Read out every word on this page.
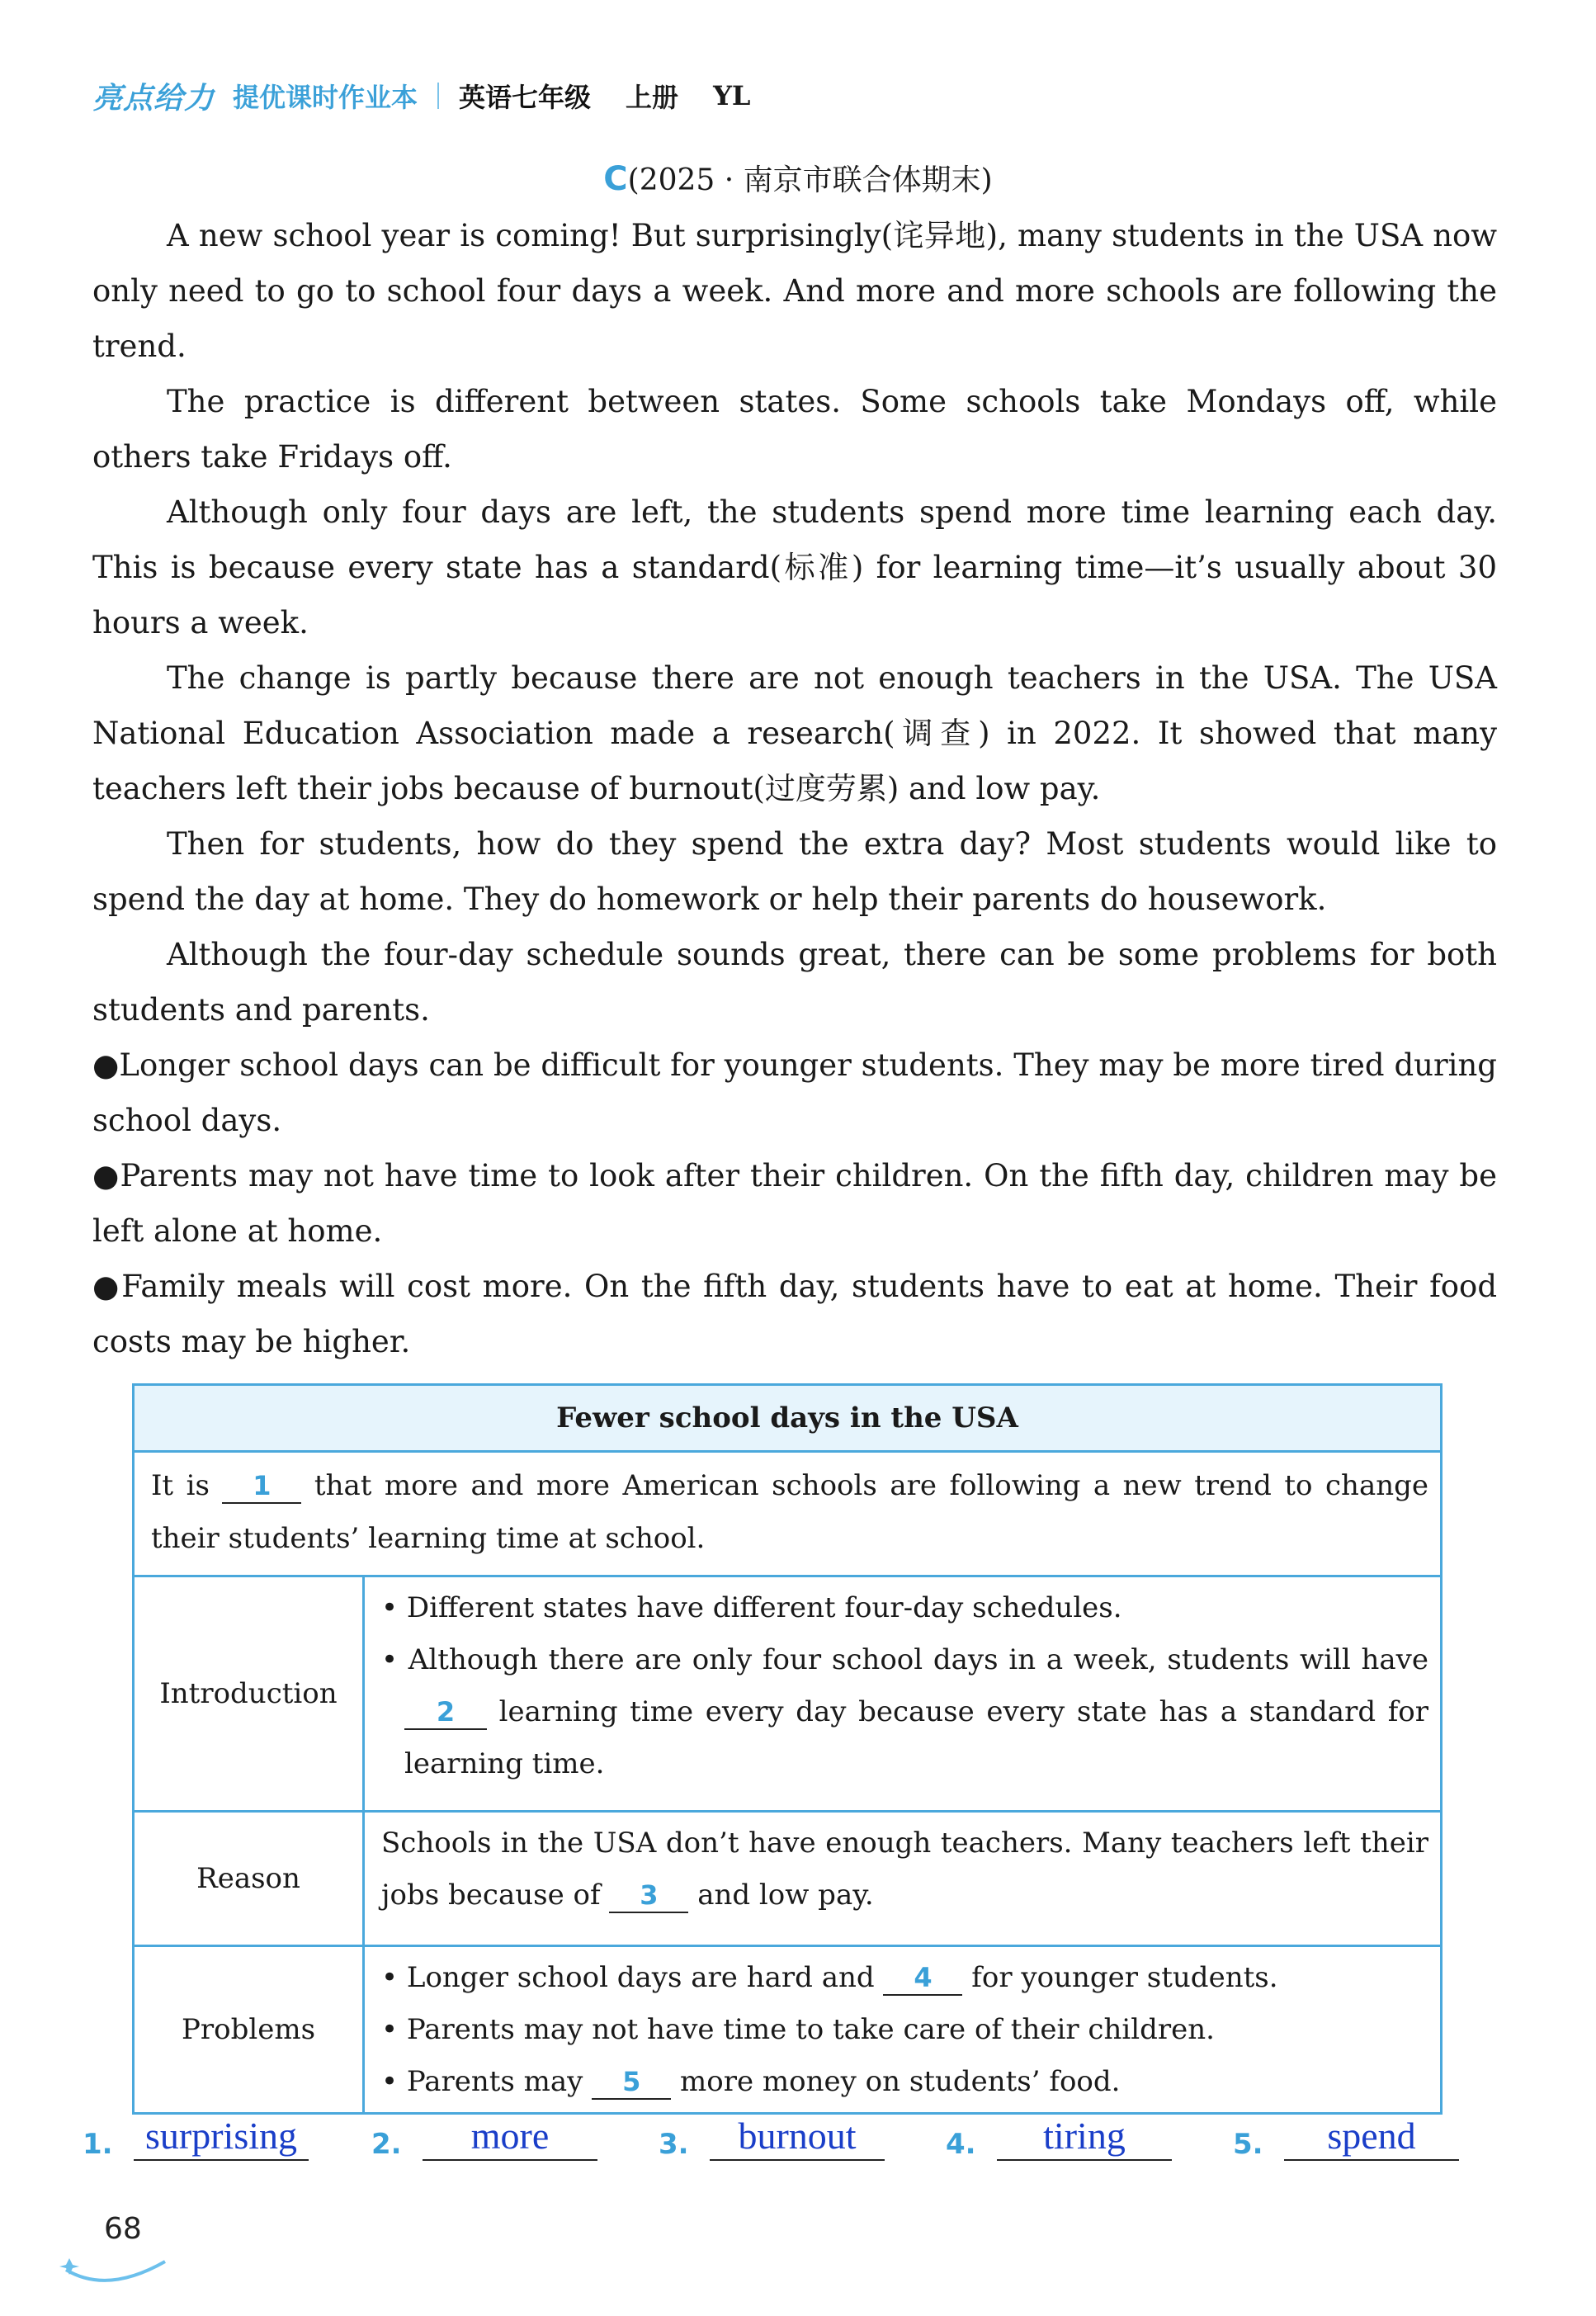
亮点给力 提优课时作业本 英语七年级 上册 YL
C(2025 · 南京市联合体期末)

A new school year is coming! But surprisingly(诧异地), many students in the USA now only need to go to school four days a week. And more and more schools are following the trend.

The practice is different between states. Some schools take Mondays off, while others take Fridays off.

Although only four days are left, the students spend more time learning each day. This is because every state has a standard(标准) for learning time—it’s usually about 30 hours a week.

The change is partly because there are not enough teachers in the USA. The USA National Education Association made a research(调查) in 2022. It showed that many teachers left their jobs because of burnout(过度劳累) and low pay.

Then for students, how do they spend the extra day? Most students would like to spend the day at home. They do homework or help their parents do housework.

Although the four-day schedule sounds great, there can be some problems for both students and parents.

●Longer school days can be difficult for younger students. They may be more tired during school days.

●Parents may not have time to look after their children. On the fifth day, children may be left alone at home.

●Family meals will cost more. On the fifth day, students have to eat at home. Their food costs may be higher.

Fewer school days in the USA
It is 1 that more and more American schools are following a new trend to change their students’ learning time at school.
Introduction
• Different states have different four-day schedules.
• Although there are only four school days in a week, students will have 2 learning time every day because every state has a standard for learning time.
Reason
Schools in the USA don’t have enough teachers. Many teachers left their jobs because of 3 and low pay.
Problems
• Longer school days are hard and 4 for younger students.
• Parents may not have time to take care of their children.
• Parents may 5 more money on students’ food.
1. surprising	2.	more	3.	burnout	4.	tiring	5.	spend
68
